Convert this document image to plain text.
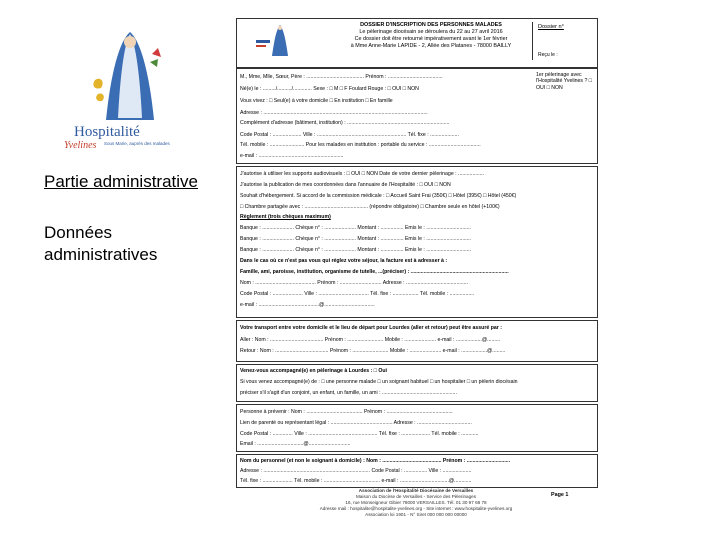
Hospitalité
Yvelines Sous Marie, auprès des malades
Partie administrative
Données administratives
DOSSIER D'INSCRIPTION DES PERSONNES MALADES
Le pèlerinage diocésain se déroulera du 22 au 27 avril 2016
Ce dossier doit être retourné impérativement avant le 1er février
à Mme Anne-Marie LAPIDE - 2, Allée des Platanes - 78000 BAILLY
Dossier n°
Reçu le :
M., Mme, Mlle, Sœur, Père : ........................................ Prénom : ......................................
Né(e) le : ........./........../............. Sexe : □ M □ F Foulard Rouge : □ OUI □ NON
Vous vivez : □ Seul(e) à votre domicile □ En institution □ En famille
Adresse : ..................................................................................................................
Complément d'adresse (bâtiment, institution) : .......................................................................
Code Postal : .................... Ville : .............................................................. Tél. fixe : ....................
Tél. mobile : ........................ Pour les malades en institution : portable du service : ....................................
e-mail : ...........................................................
1er pèlerinage avec l'Hospitalité Yvelines ? □ OUI □ NON
J'autorise à utiliser les supports audiovisuels : □ OUI □ NON Date de votre dernier pèlerinage : ..................
J'autorise la publication de mes coordonnées dans l'annuaire de l'Hospitalité : □ OUI □ NON
Souhait d'hébergement. Si accord de la commission médicale : □ Accueil Saint Frai (350€) □ Hôtel (395€) □ Hôtel (450€)
□ Chambre partagée avec : ............................................ (répondre obligatoire) □ Chambre seule en hôtel (+100€)
Règlement (trois chèques maximum)
Banque : ...................... Chèque n° : ...................... Montant : ................ Emis le : ...............................
Banque : ...................... Chèque n° : ...................... Montant : ................ Emis le : ...............................
Banque : ...................... Chèque n° : ...................... Montant : ................ Emis le : ...............................
Dans le cas où ce n'est pas vous qui réglez votre séjour, la facture est à adresser à :
Famille, ami, paroisse, institution, organisme de tutelle, ...(préciser) : ....................................................................
Nom : .......................................... Prénom : ............................. Adresse : ...........................................
Code Postal : ..................... Ville : ................................... Tél. fixe : .................. Tél. mobile : .................
e-mail : ..........................................@...................................
Votre transport entre votre domicile et le lieu de départ pour Lourdes (aller et retour) peut être assuré par :
Aller : Nom : ..................................... Prénom : ......................... Mobile : ...................... e-mail : ..................@.........
Retour : Nom : ..................................... Prénom : ......................... Mobile : ...................... e-mail : ..................@.........
Venez-vous accompagné(e) en pèlerinage à Lourdes : □ Oui
Si vous venez accompagné(e) de : □ une personne malade □ un soignant habituel □ un hospitalier □ un pèlerin diocésain
préciser s'il s'agit d'un conjoint, un enfant, un famille, un ami : ....................................................
Personne à prévenir : Nom : ....................................... Prénom : ..............................................
Lien de parenté ou représentant légal : ........................................... Adresse : ......................................
Code Postal : .............. Ville : ................................................ Tél. fixe : .................... Tél. mobile : ............
Email : ................................@.............................
Nom du personnel (et non le soignant à domicile) : Nom : ......................................... Prénom : ..............................
Adresse : .......................................................................... Code Postal : ................ Ville : ....................
Tél. fixe : ..................... Tél. mobile : ....................................... e-mail : ..................................@............
Association de l'Hospitalité Diocésaine de Versailles
Maison du Diocèse de Versailles - Service des Pèlerinages
16, rue Monseigneur Gibier 78000 VERSAILLES. Tél. 01 30 97 68 78
Adresse mail : hospitalite@hospitalite-yvelines.org - Site internet : www.hospitalite-yvelines.org
Association loi 1901 - N° Siret 000 000 000 00000
Page 1
